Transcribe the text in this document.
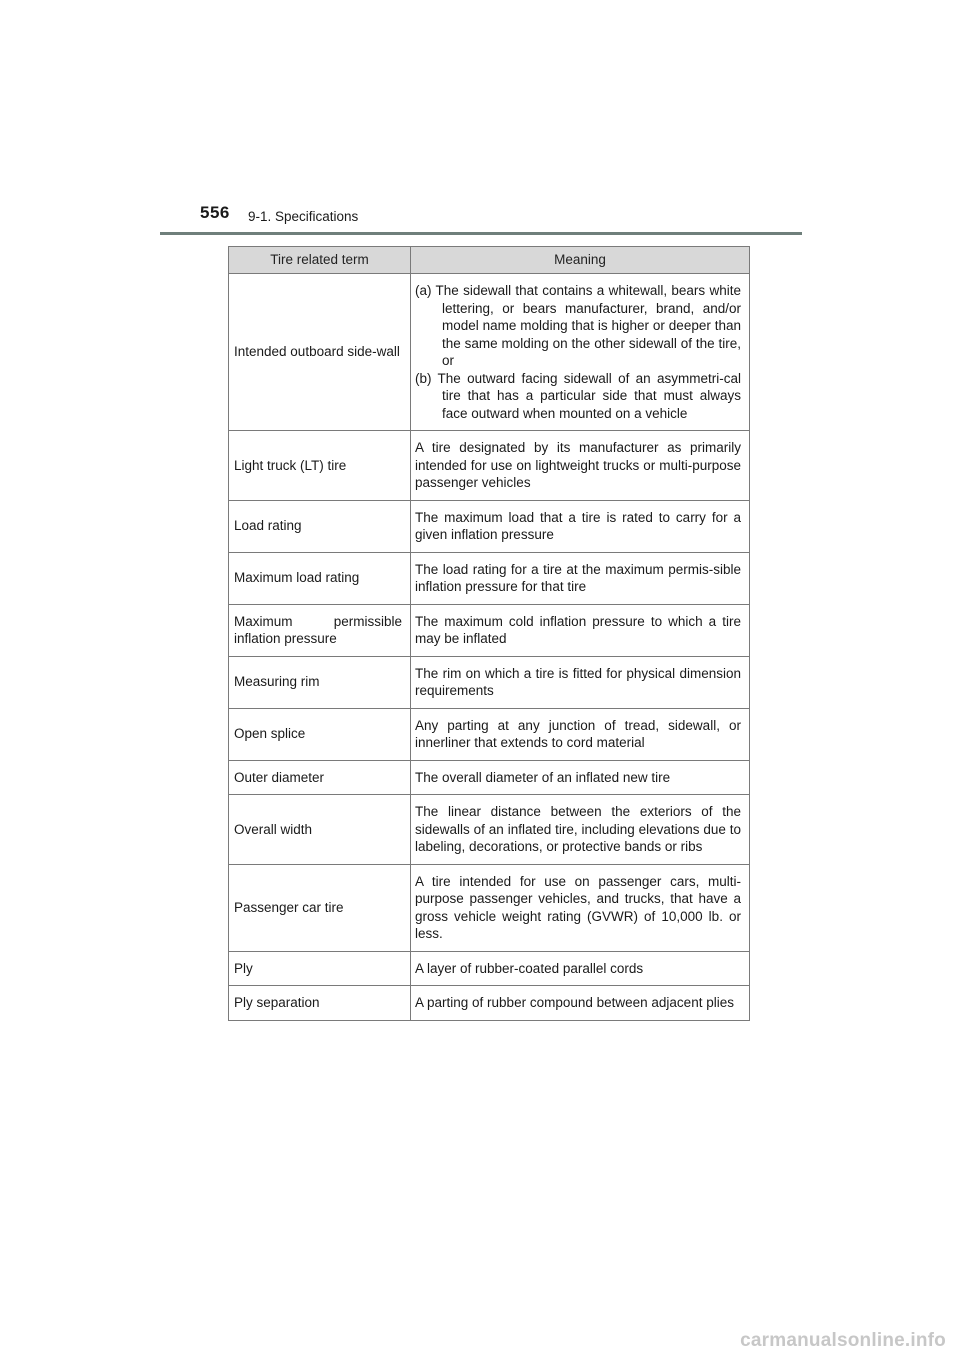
556 9-1. Specifications
Tire related term	Meaning
Intended outboard side-wall	(a) The sidewall that contains a whitewall, bears white lettering, or bears manufacturer, brand, and/or model name molding that is higher or deeper than the same molding on the other sidewall of the tire, or
(b) The outward facing sidewall of an asymmetri-cal tire that has a particular side that must always face outward when mounted on a vehicle

Light truck (LT) tire	A tire designated by its manufacturer as primarily intended for use on lightweight trucks or multi-purpose passenger vehicles
Load rating	The maximum load that a tire is rated to carry for a given inflation pressure
Maximum load rating	The load rating for a tire at the maximum permis-sible inflation pressure for that tire
Maximum permissible inflation pressure	The maximum cold inflation pressure to which a tire may be inflated
Measuring rim	The rim on which a tire is fitted for physical dimension requirements
Open splice	Any parting at any junction of tread, sidewall, or innerliner that extends to cord material
Outer diameter	The overall diameter of an inflated new tire
Overall width	The linear distance between the exteriors of the sidewalls of an inflated tire, including elevations due to labeling, decorations, or protective bands or ribs
Passenger car tire	A tire intended for use on passenger cars, multi-purpose passenger vehicles, and trucks, that have a gross vehicle weight rating (GVWR) of 10,000 lb. or less.
Ply	A layer of rubber-coated parallel cords
Ply separation	A parting of rubber compound between adjacent plies
carmanualsonline.info
